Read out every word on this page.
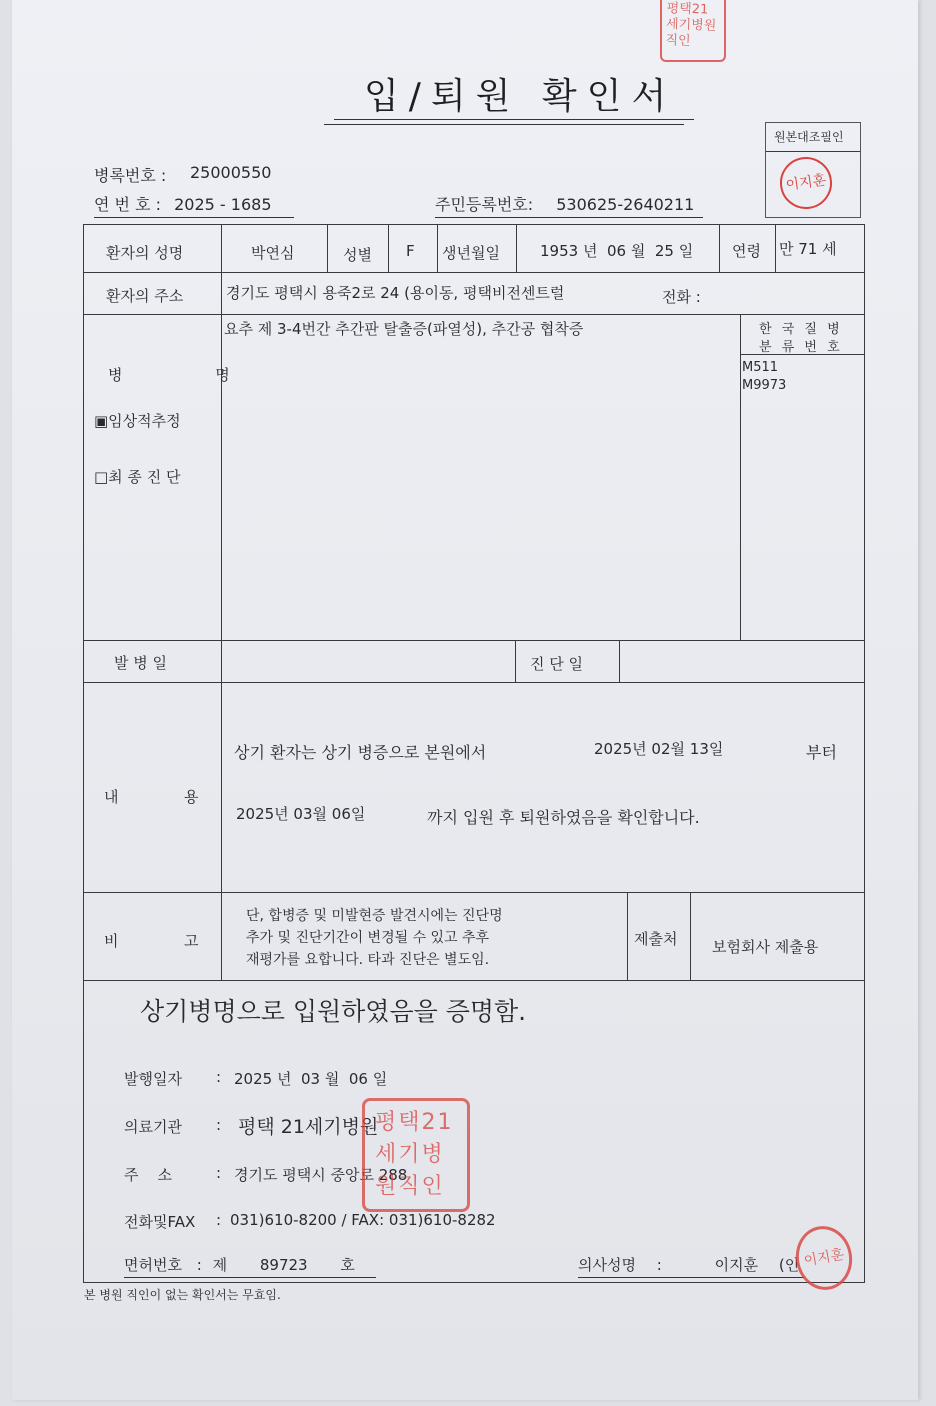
평택21세기병원직인
입/퇴원 확인서
원본대조필인
이지훈
병록번호 : 25000550
연 번 호 : 2025 - 1685	주민등록번호: 530625-2640211
환자의 성명	박연심	성별 F 생년월일	1953 년  06 월  25 일	연령 만 71 세
환자의 주소	경기도 평택시 용죽2로 24 (용이동, 평택비전센트럴	전화 :
병 명
▣임상적추정
□최 종 진 단
요추 제 3-4번간 추간판 탈출증(파열성), 추간공 협착증	한 국 질 병
분 류 번 호
M511
M9973
발 병 일	진 단 일
내	용
상기 환자는 상기 병증으로 본원에서	2025년 02월 13일	부터
2025년 03월 06일	까지 입원 후 퇴원하였음을 확인합니다.
비	고
단, 합병증 및 미발현증 발견시에는 진단명
추가 및 진단기간이 변경될 수 있고 추후
재평가를 요합니다. 타과 진단은 별도임.
제출처 보험회사 제출용
상기병명으로 입원하였음을 증명함.
발행일자 : 2025 년  03 월  06 일
의료기관 : 평택 21세기병원
주    소	: 경기도 평택시 중앙로 288
전화및FAX : 031)610-8200 / FAX: 031)610-8282
면허번호 : 제 89723 호	의사성명 :	이지훈 (인
평택21세기병원직인
이지훈
본 병원 직인이 없는 확인서는 무효임.
